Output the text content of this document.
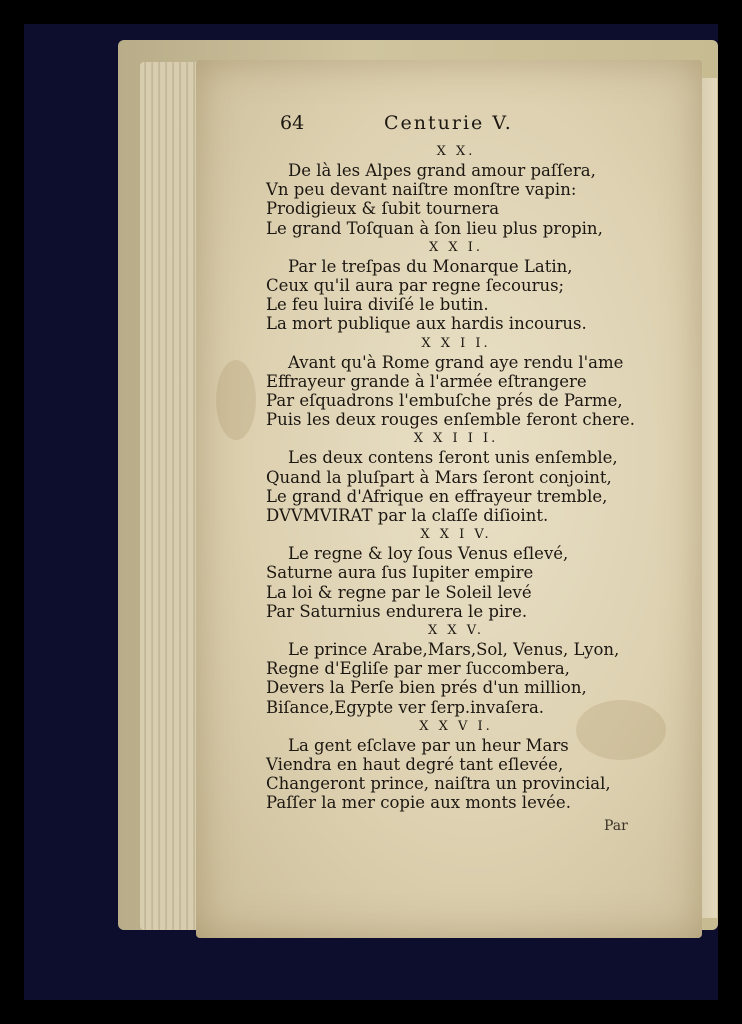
64	Centurie V.
X X.
De là les Alpes grand amour paſſera,
Vn peu devant naiſtre monſtre vapin:
Prodigieux & ſubit tournera
Le grand Toſquan à ſon lieu plus propin,
X X I.
Par le treſpas du Monarque Latin,
Ceux qu'il aura par regne ſecourus;
Le feu luira diviſé le butin.
La mort publique aux hardis incourus.
X X I I.
Avant qu'à Rome grand aye rendu l'ame
Effrayeur grande à l'armée eſtrangere
Par eſquadrons l'embuſche prés de Parme,
Puis les deux rouges enſemble feront chere.
X X I I I.
Les deux contens ſeront unis enſemble,
Quand la pluſpart à Mars ſeront conjoint,
Le grand d'Afrique en effrayeur tremble,
DVVMVIRAT par la claſſe diſioint.
X X I V.
Le regne & loy ſous Venus eſlevé,
Saturne aura ſus Iupiter empire
La loi & regne par le Soleil levé
Par Saturnius endurera le pire.
X X V.
Le prince Arabe,Mars,Sol, Venus, Lyon,
Regne d'Egliſe par mer ſuccombera,
Devers la Perſe bien prés d'un million,
Biſance,Egypte ver ſerp.invaſera.
X X V I.
La gent eſclave par un heur Mars
Viendra en haut degré tant eſlevée,
Changeront prince, naiſtra un provincial,
Paſſer la mer copie aux monts levée.
Par
